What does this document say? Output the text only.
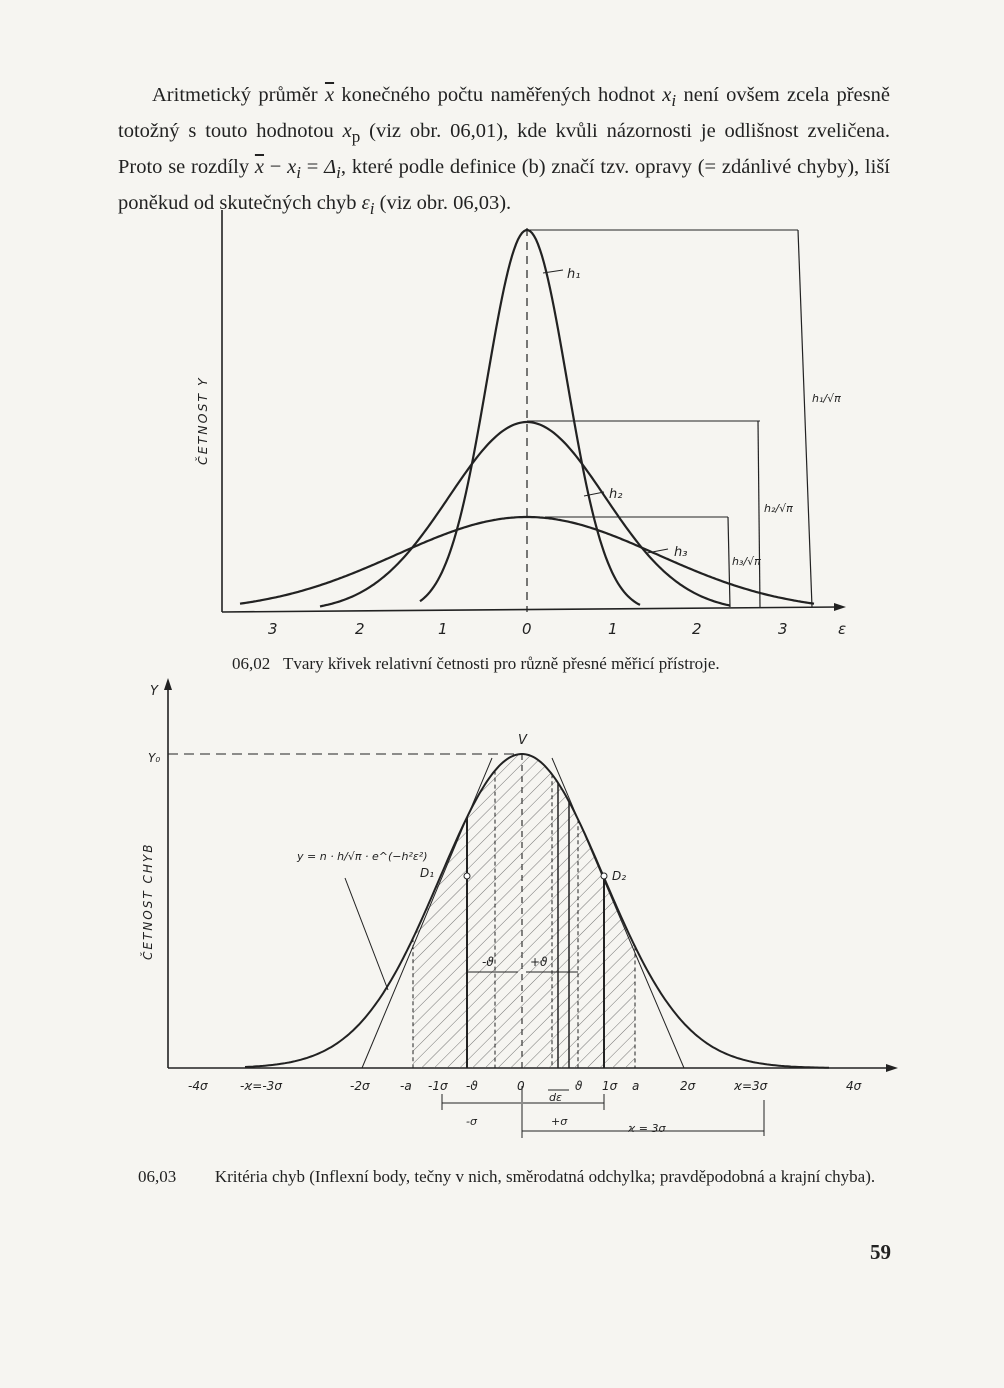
Aritmetický průměr $\overline{x}$ konečného počtu naměřených hodnot $x_i$ není ovšem zcela přesně totožný s touto hodnotou $x_p$ (viz obr. 06,01), kde kvůli názornosti je odlišnost zveličena. Proto se rozdíly $\overline{x} - x_i = \Delta_i$, které podle definice (b) značí tzv. opravy (= zdánlivé chyby), liší poněkud od skutečných chyb $\varepsilon_i$ (viz obr. 06,03).
h₁
h₂
h₃
h₁/√π
h₂/√π
h₃/√π
ČETNOST Y
ε
3	2	1	0	1	2	3
Y
Y₀
V
D₁	D₂
y = n · h/√π · e^(−h²ε²)
-ϑ	+ϑ
dε
-σ	+σ
ϰ = 3σ
ČETNOST CHYB
-4σ	-ϰ=-3σ	-2σ	-a -1σ -ϑ	0	ϑ 1σ a	2σ	ϰ=3σ	4σ
06,02 Tvary křivek relativní četnosti pro různě přesné měřicí přístroje.
06,03	Kritéria chyb (Inflexní body, tečny v nich, směrodatná odchylka; pravděpodobná a krajní chyba).
59
